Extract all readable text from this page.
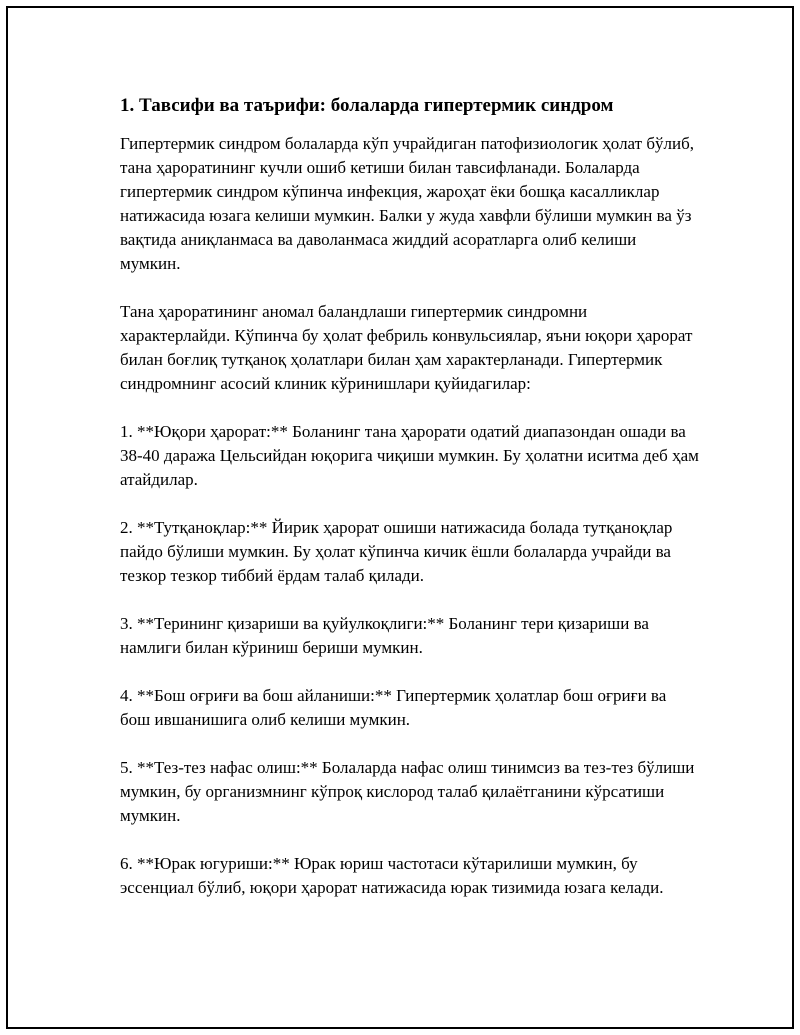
1. Тавсифи ва таърифи: болаларда гипертермик синдром

Гипертермик синдром болаларда кўп учрайдиган патофизиологик ҳолат бўлиб, тана ҳароратининг кучли ошиб кетиши билан тавсифланади. Болаларда гипертермик синдром кўпинча инфекция, жароҳат ёки бошқа касалликлар натижасида юзага келиши мумкин. Балки у жуда хавфли бўлиши мумкин ва ўз вақтида аниқланмаса ва даволанмаса жиддий асоратларга олиб келиши мумкин.

Тана ҳароратининг аномал баландлаши гипертермик синдромни характерлайди. Кўпинча бу ҳолат фебриль конвульсиялар, яъни юқори ҳарорат билан боғлиқ тутқаноқ ҳолатлари билан ҳам характерланади. Гипертермик синдромнинг асосий клиник кўринишлари қуйидагилар:

1. **Юқори ҳарорат:** Боланинг тана ҳарорати одатий диапазондан ошади ва 38-40 даража Цельсийдан юқорига чиқиши мумкин. Бу ҳолатни иситма деб ҳам атайдилар.

2. **Тутқаноқлар:** Йирик ҳарорат ошиши натижасида болада тутқаноқлар пайдо бўлиши мумкин. Бу ҳолат кўпинча кичик ёшли болаларда учрайди ва тезкор тезкор тиббий ёрдам талаб қилади.

3. **Терининг қизариши ва қуйулкоқлиги:** Боланинг тери қизариши ва намлиги билан кўриниш бериши мумкин.

4. **Бош оғриғи ва бош айланиши:** Гипертермик ҳолатлар бош оғриғи ва бош ившанишига олиб келиши мумкин.

5. **Тез-тез нафас олиш:** Болаларда нафас олиш тинимсиз ва тез-тез бўлиши мумкин, бу организмнинг кўпроқ кислород талаб қилаётганини кўрсатиши мумкин.

6. **Юрак югуриши:** Юрак юриш частотаси кўтарилиши мумкин, бу эссенциал бўлиб, юқори ҳарорат натижасида юрак тизимида юзага келади.
